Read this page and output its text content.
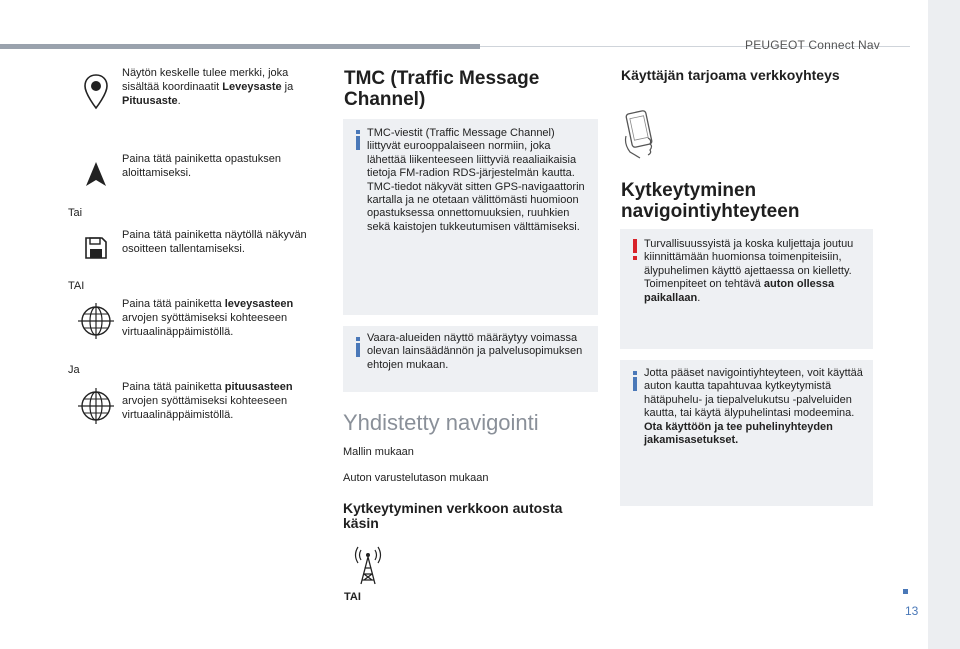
PEUGEOT Connect Nav
Näytön keskelle tulee merkki, joka sisältää koordinaatit Leveysaste ja Pituusaste.
Paina tätä painiketta opastuksen aloittamiseksi.
Tai
Paina tätä painiketta näytöllä näkyvän osoitteen tallentamiseksi.
TAI
Paina tätä painiketta leveysasteen arvojen syöttämiseksi kohteeseen virtuaalinäppäimistöllä.
Ja
Paina tätä painiketta pituusasteen arvojen syöttämiseksi kohteeseen virtuaalinäppäimistöllä.
TMC (Traffic Message Channel)
TMC-viestit (Traffic Message Channel) liittyvät eurooppalaiseen normiin, joka lähettää liikenteeseen liittyviä reaaliaikaisia tietoja FM-radion RDS-järjestelmän kautta.
TMC-tiedot näkyvät sitten GPS-navigaattorin kartalla ja ne otetaan välittömästi huomioon opastuksessa onnettomuuksien, ruuhkien sekä kaistojen tukkeutumisen välttämiseksi.
Vaara-alueiden näyttö määräytyy voimassa olevan lainsäädännön ja palvelusopimuksen ehtojen mukaan.
Yhdistetty navigointi
Mallin mukaan
Auton varustelutason mukaan
Kytkeytyminen verkkoon autosta käsin
TAI
Käyttäjän tarjoama verkkoyhteys
Kytkeytyminen navigointiyhteyteen
Turvallisuussyistä ja koska kuljettaja joutuu kiinnittämään huomionsa toimenpiteisiin, älypuhelimen käyttö ajettaessa on kielletty.
Toimenpiteet on tehtävä auton ollessa paikallaan.
Jotta pääset navigointiyhteyteen, voit käyttää auton kautta tapahtuvaa kytkeytymistä hätäpuhelu- ja tiepalvelukutsu -palveluiden kautta, tai käytä älypuhelintasi modeemina.
Ota käyttöön ja tee puhelinyhteyden jakamisasetukset.
13
